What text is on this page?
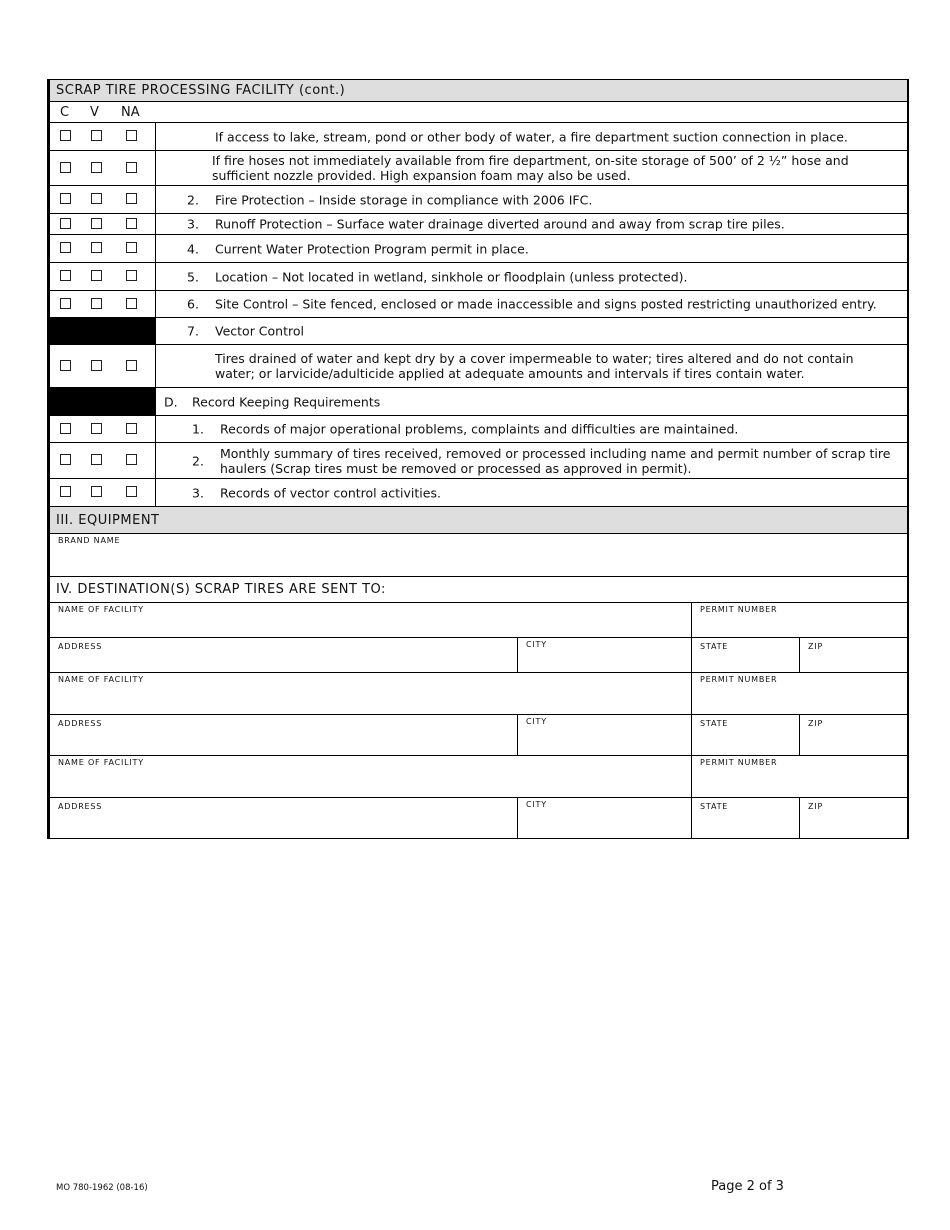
SCRAP TIRE PROCESSING FACILITY (cont.)
C V NA
If access to lake, stream, pond or other body of water, a fire department suction connection in place.
If fire hoses not immediately available from fire department, on-site storage of 500’ of 2 ½” hose and sufficient nozzle provided. High expansion foam may also be used.
2. Fire Protection – Inside storage in compliance with 2006 IFC.
3. Runoff Protection – Surface water drainage diverted around and away from scrap tire piles.
4. Current Water Protection Program permit in place.
5. Location – Not located in wetland, sinkhole or floodplain (unless protected).
6. Site Control – Site fenced, enclosed or made inaccessible and signs posted restricting unauthorized entry.
7. Vector Control
Tires drained of water and kept dry by a cover impermeable to water; tires altered and do not contain water; or larvicide/adulticide applied at adequate amounts and intervals if tires contain water.
D. Record Keeping Requirements
1. Records of major operational problems, complaints and difficulties are maintained.
2. Monthly summary of tires received, removed or processed including name and permit number of scrap tire haulers (Scrap tires must be removed or processed as approved in permit).
3. Records of vector control activities.
III. EQUIPMENT
BRAND NAME
IV. DESTINATION(S) SCRAP TIRES ARE SENT TO:
NAME OF FACILITY	PERMIT NUMBER
ADDRESS	CITY	STATE	ZIP
NAME OF FACILITY	PERMIT NUMBER
ADDRESS	CITY	STATE	ZIP
NAME OF FACILITY	PERMIT NUMBER
ADDRESS	CITY	STATE	ZIP
MO 780-1962 (08-16)	Page 2 of 3
